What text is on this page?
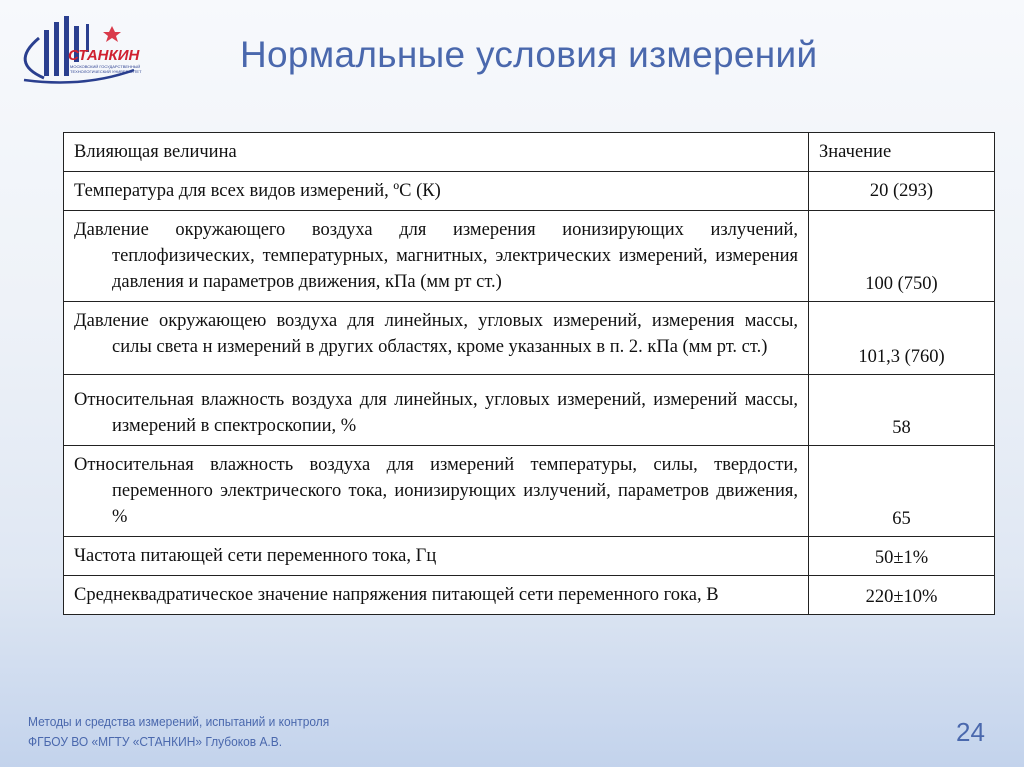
СТАНКИН
МОСКОВСКИЙ ГОСУДАРСТВЕННЫЙ
ТЕХНОЛОГИЧЕСКИЙ УНИВЕРСИТЕТ	Нормальные условия измерений
Влияющая величина	Значение
Температура для всех видов измерений, ºС (К)	20 (293)
Давление окружающего воздуха для измерения ионизирующих излучений, теплофизических, температурных, магнитных, электрических измерений, измерения давления и параметров движения, кПа (мм рт ст.)	100 (750)
Давление окружающею воздуха для линейных, угловых измерений, измерения массы, силы света н измерений в других областях, кроме указанных в п. 2. кПа (мм рт. ст.)	101,3 (760)
Относительная влажность воздуха для линейных, угловых измерений, измерений массы, измерений в спектроскопии, %	58
Относительная влажность воздуха для измерений температуры, силы, твердости, переменного электрического тока, ионизирующих излучений, параметров движения, %	65
Частота питающей сети переменного тока, Гц	50±1%
Среднеквадратическое значение напряжения питающей сети переменного гока, В	220±10%
Методы и средства измерений, испытаний и контроля
ФГБОУ ВО «МГТУ «СТАНКИН» Глубоков А.В.	24
